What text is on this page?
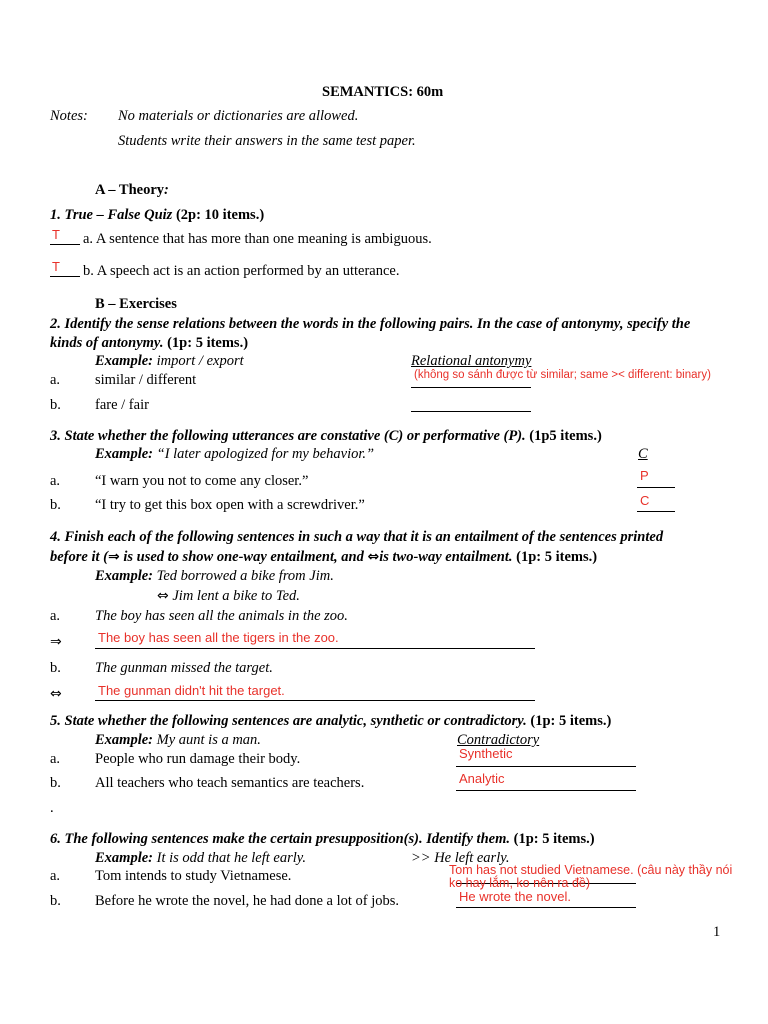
SEMANTICS: 60m
Notes: No materials or dictionaries are allowed.
Students write their answers in the same test paper.
A – Theory:
1. True – False Quiz (2p: 10 items.)
T a. A sentence that has more than one meaning is ambiguous.
T b. A speech act is an action performed by an utterance.
B – Exercises
2. Identify the sense relations between the words in the following pairs. In the case of antonymy, specify the
kinds of antonymy. (1p: 5 items.)
Example: import / export	Relational antonymy
a. similar / different	(không so sánh được từ similar; same >< different: binary)
b. fare / fair
3. State whether the following utterances are constative (C) or performative (P). (1p5 items.)
Example: “I later apologized for my behavior.”	C
a. “I warn you not to come any closer.”	P
b. “I try to get this box open with a screwdriver.”	C
4. Finish each of the following sentences in such a way that it is an entailment of the sentences printed
before it (⇒ is used to show one-way entailment, and ⇔is two-way entailment. (1p: 5 items.)
Example: Ted borrowed a bike from Jim.
⇔ Jim lent a bike to Ted.
a. The boy has seen all the animals in the zoo.
⇒	The boy has seen all the tigers in the zoo.
b. The gunman missed the target.
⇔	The gunman didn't hit the target.
5. State whether the following sentences are analytic, synthetic or contradictory. (1p: 5 items.)
Example: My aunt is a man.	Contradictory
a. People who run damage their body.	Synthetic
b. All teachers who teach semantics are teachers.	Analytic
.
6. The following sentences make the certain presupposition(s). Identify them. (1p: 5 items.)
Example: It is odd that he left early.	>> He left early.
a. Tom intends to study Vietnamese.	Tom has not studied Vietnamese. (câu này thầy nói
ko hay lắm, ko nên ra đề)
b. Before he wrote the novel, he had done a lot of jobs.	He wrote the novel.
1
